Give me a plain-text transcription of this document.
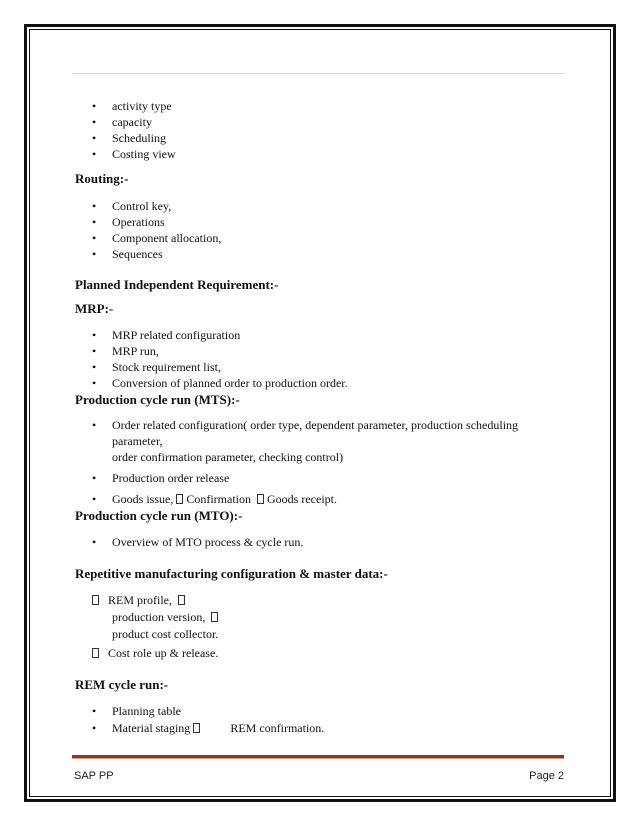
• activity type
• capacity
• Scheduling
• Costing view
Routing:-
• Control key,
• Operations
• Component allocation,
• Sequences
Planned Independent Requirement:-
MRP:-
• MRP related configuration
• MRP run,
• Stock requirement list,
• Conversion of planned order to production order.
Production cycle run (MTS):-
• Order related configuration( order type, dependent parameter, production scheduling parameter,
order confirmation parameter, checking control)
• Production order release
• Goods issue, Confirmation Goods receipt.
Production cycle run (MTO):-
• Overview of MTO process & cycle run.
Repetitive manufacturing configuration & master data:-
REM profile,
production version,
product cost collector.
Cost role up & release.
REM cycle run:-
• Planning table
• Material staging	REM confirmation.
SAP PP	Page 2
